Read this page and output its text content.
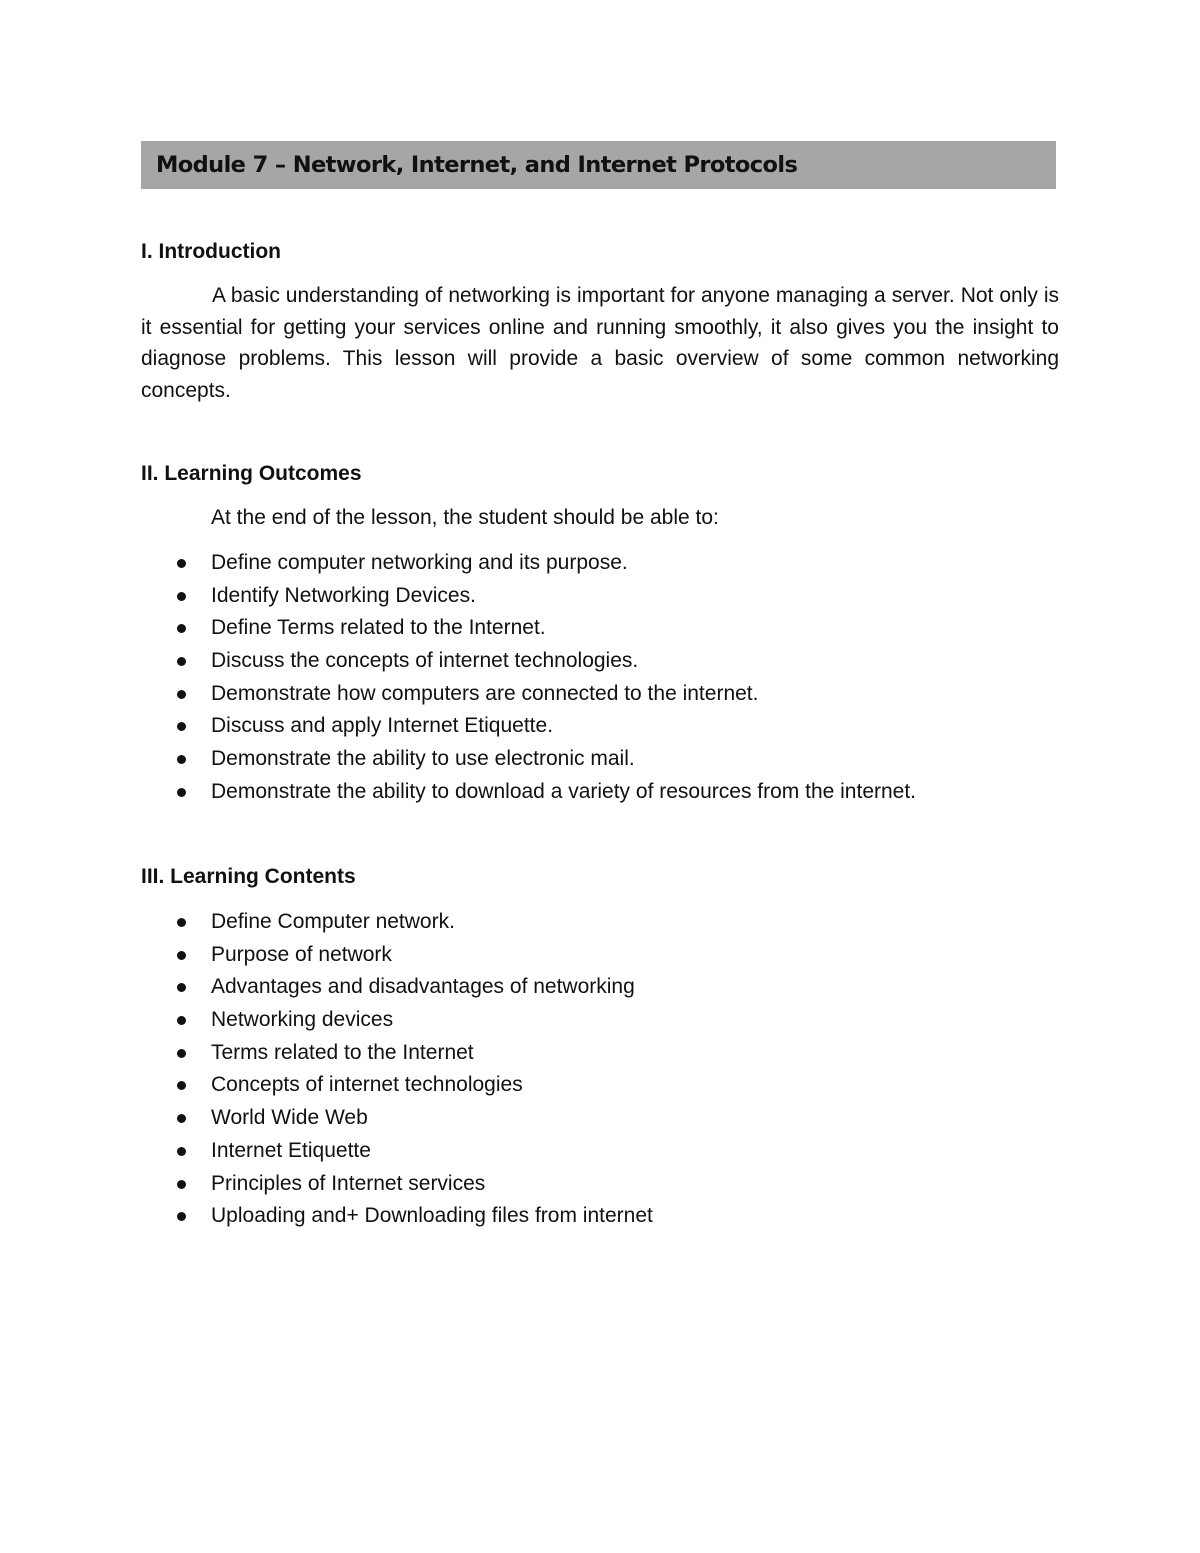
Module 7 – Network, Internet, and Internet Protocols
I. Introduction

A basic understanding of networking is important for anyone managing a server. Not only is it essential for getting your services online and running smoothly, it also gives you the insight to diagnose problems. This lesson will provide a basic overview of some common networking concepts.

II. Learning Outcomes
At the end of the lesson, the student should be able to:
Define computer networking and its purpose.
Identify Networking Devices.
Define Terms related to the Internet.
Discuss the concepts of internet technologies.
Demonstrate how computers are connected to the internet.
Discuss and apply Internet Etiquette.
Demonstrate the ability to use electronic mail.
Demonstrate the ability to download a variety of resources from the internet.
III. Learning Contents
Define Computer network.
Purpose of network
Advantages and disadvantages of networking
Networking devices
Terms related to the Internet
Concepts of internet technologies
World Wide Web
Internet Etiquette
Principles of Internet services
Uploading and+ Downloading files from internet
